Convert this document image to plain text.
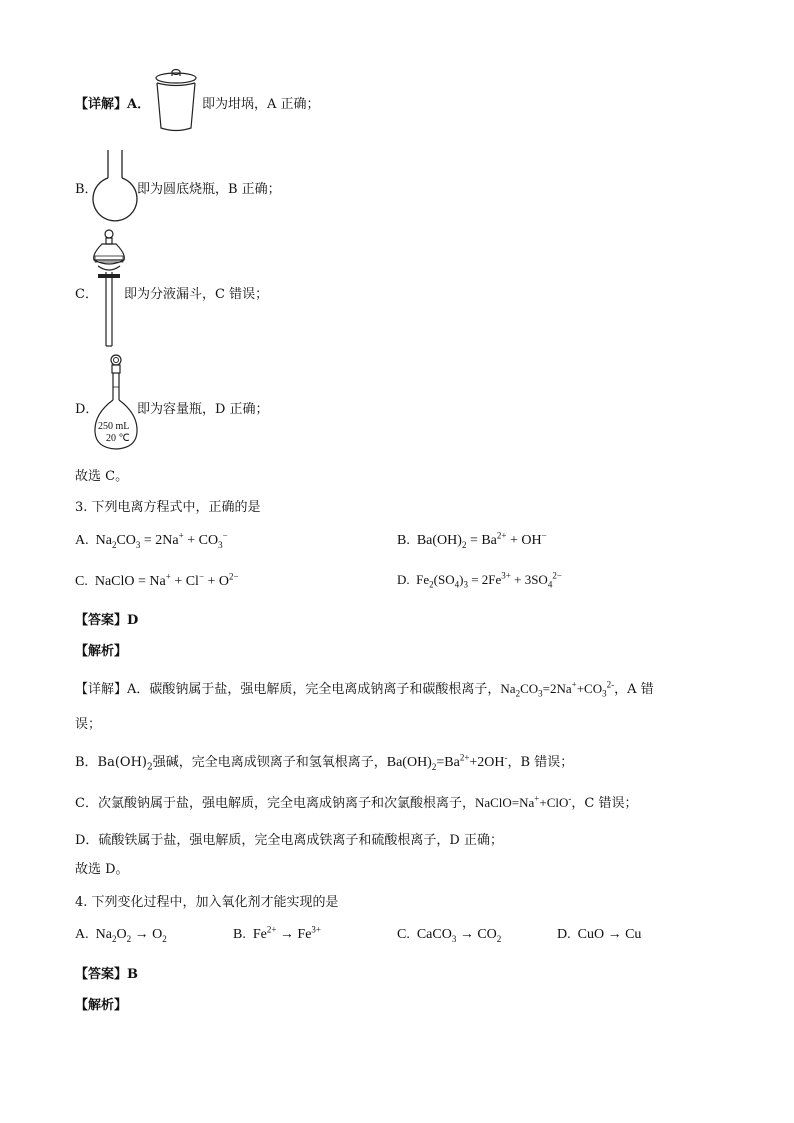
【详解】A．	即为坩埚，A 正确；
B．	即为圆底烧瓶，B 正确；
C． 即为分液漏斗，C 错误；
D．
250 mL
20 ℃
即为容量瓶，D 正确；
故选 C。
3. 下列电离方程式中，正确的是
A. $Na_2CO_3 = 2Na^+ + CO_3^-$	B. $Ba(OH)_2 = Ba^{2+} + OH^-$
C. NaClO = $Na^+ + Cl^- + O^{2-}$	D. $Fe_2(SO_4)_3 = 2Fe^{3+} + 3SO_4^{2-}$
【答案】D
【解析】
【详解】A．碳酸钠属于盐，强电解质，完全电离成钠离子和碳酸根离子，$Na_2CO_3=2Na^++CO_3^{2-}$，A 错
误；
B．$Ba(OH)_2$强碱，完全电离成钡离子和氢氧根离子，$Ba(OH)_2=Ba^{2+}+2OH^-$，B 错误；
C．次氯酸钠属于盐，强电解质，完全电离成钠离子和次氯酸根离子，NaClO=Na++ClO-，C 错误；
D．硫酸铁属于盐，强电解质，完全电离成铁离子和硫酸根离子，D 正确；
故选 D。
4. 下列变化过程中，加入氧化剂才能实现的是
A. $Na_2O_2 \to O_2$	B. $Fe^{2+} \to Fe^{3+}$	C. CaCO$_3$ → $CO_2$	D. CuO → Cu
【答案】B
【解析】
